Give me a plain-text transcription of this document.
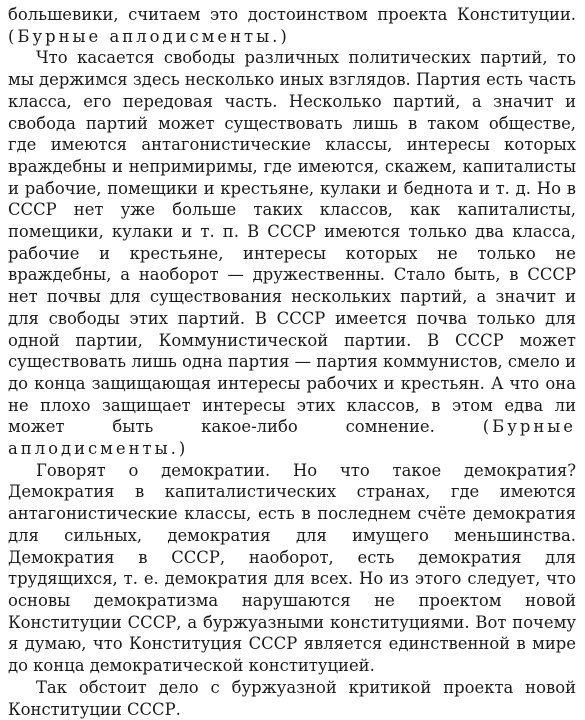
большевики, считаем это достоинством проекта Конституции. (Бурные аплодисменты.)

Что касается свободы различных политических партий, то мы держимся здесь несколько иных взглядов. Партия есть часть класса, его передовая часть. Несколько партий, а значит и свобода партий может существовать лишь в таком обществе, где имеются антагонистические классы, интересы которых враждебны и непримиримы, где имеются, скажем, капиталисты и рабочие, помещики и крестьяне, кулаки и беднота и т. д. Но в СССР нет уже больше таких классов, как капиталисты, помещики, кулаки и т. п. В СССР имеются только два класса, рабочие и крестьяне, интересы которых не только не враждебны, а наоборот — дружественны. Стало быть, в СССР нет почвы для существования нескольких партий, а значит и для свободы этих партий. В СССР имеется почва только для одной партии, Коммунистической партии. В СССР может существовать лишь одна партия — партия коммунистов, смело и до конца защищающая интересы рабочих и крестьян. А что она не плохо защищает интересы этих классов, в этом едва ли может быть какое-либо сомнение. (Бурные аплодисменты.)

Говорят о демократии. Но что такое демократия? Демократия в капиталистических странах, где имеются антагонистические классы, есть в последнем счёте демократия для сильных, демократия для имущего меньшинства. Демократия в СССР, наоборот, есть демократия для трудящихся, т. е. демократия для всех. Но из этого следует, что основы демократизма нарушаются не проектом новой Конституции СССР, а буржуазными конституциями. Вот почему я думаю, что Конституция СССР является единственной в мире до конца демократической конституцией.

Так обстоит дело с буржуазной критикой проекта новой Конституции СССР.
